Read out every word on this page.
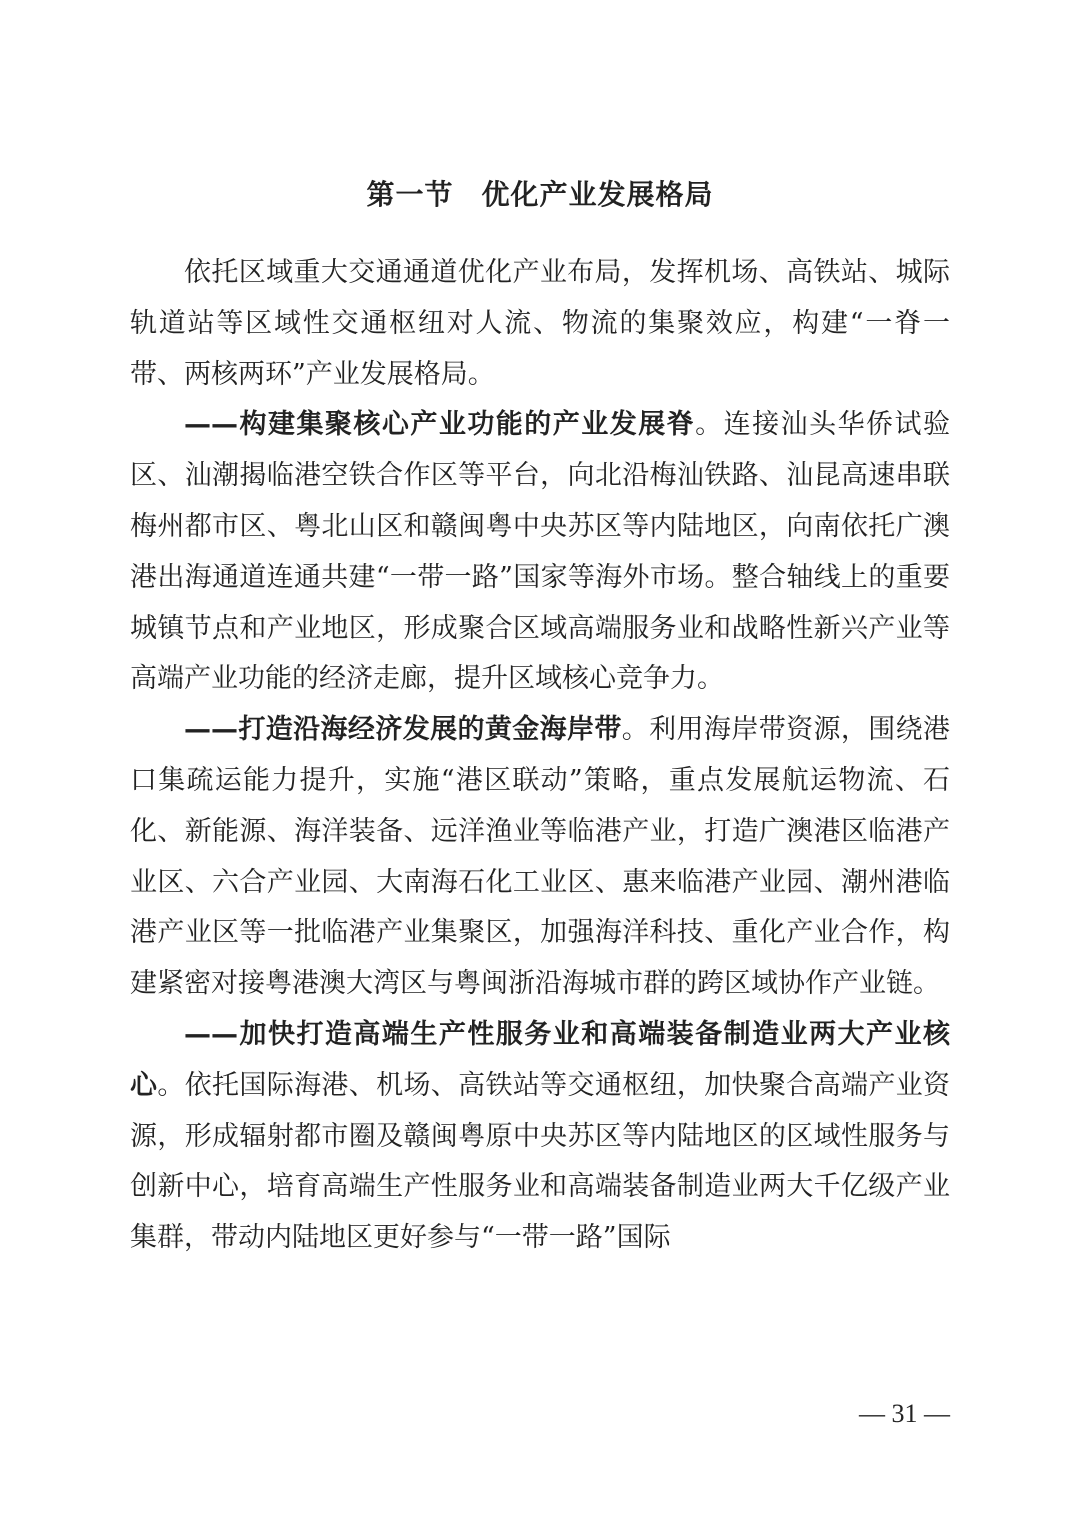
第一节 优化产业发展格局

依托区域重大交通通道优化产业布局，发挥机场、高铁站、城际轨道站等区域性交通枢纽对人流、物流的集聚效应，构建“一脊一带、两核两环”产业发展格局。

——构建集聚核心产业功能的产业发展脊。连接汕头华侨试验区、汕潮揭临港空铁合作区等平台，向北沿梅汕铁路、汕昆高速串联梅州都市区、粤北山区和赣闽粤中央苏区等内陆地区，向南依托广澳港出海通道连通共建“一带一路”国家等海外市场。整合轴线上的重要城镇节点和产业地区，形成聚合区域高端服务业和战略性新兴产业等高端产业功能的经济走廊，提升区域核心竞争力。

——打造沿海经济发展的黄金海岸带。利用海岸带资源，围绕港口集疏运能力提升，实施“港区联动”策略，重点发展航运物流、石化、新能源、海洋装备、远洋渔业等临港产业，打造广澳港区临港产业区、六合产业园、大南海石化工业区、惠来临港产业园、潮州港临港产业区等一批临港产业集聚区，加强海洋科技、重化产业合作，构建紧密对接粤港澳大湾区与粤闽浙沿海城市群的跨区域协作产业链。

——加快打造高端生产性服务业和高端装备制造业两大产业核心。依托国际海港、机场、高铁站等交通枢纽，加快聚合高端产业资源，形成辐射都市圈及赣闽粤原中央苏区等内陆地区的区域性服务与创新中心，培育高端生产性服务业和高端装备制造业两大千亿级产业集群，带动内陆地区更好参与“一带一路”国际

— 31 —
